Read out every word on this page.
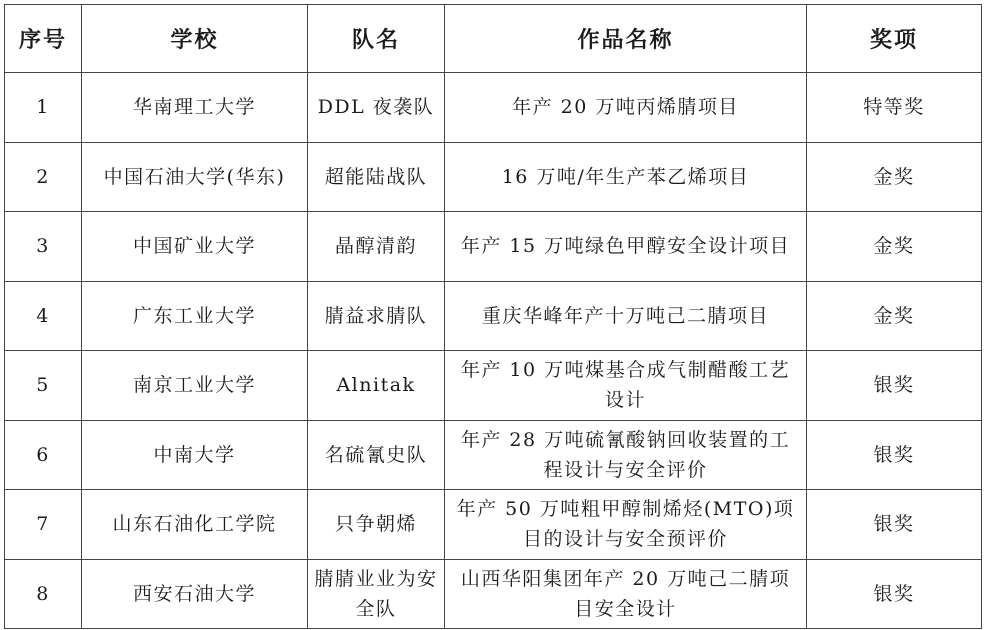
序号	学校	队名	作品名称	奖项
1	华南理工大学	DDL 夜袭队	年产 20 万吨丙烯腈项目	特等奖
2	中国石油大学(华东)	超能陆战队	16 万吨/年生产苯乙烯项目	金奖
3	中国矿业大学	晶醇清韵	年产 15 万吨绿色甲醇安全设计项目	金奖
4	广东工业大学	腈益求腈队	重庆华峰年产十万吨己二腈项目	金奖
5	南京工业大学	Alnitak	年产 10 万吨煤基合成气制醋酸工艺设计	银奖
6	中南大学	名硫氰史队	年产 28 万吨硫氰酸钠回收装置的工程设计与安全评价	银奖
7	山东石油化工学院	只争朝烯	年产 50 万吨粗甲醇制烯烃(MTO)项目的设计与安全预评价	银奖
8	西安石油大学	腈腈业业为安全队	山西华阳集团年产 20 万吨己二腈项目安全设计	银奖
